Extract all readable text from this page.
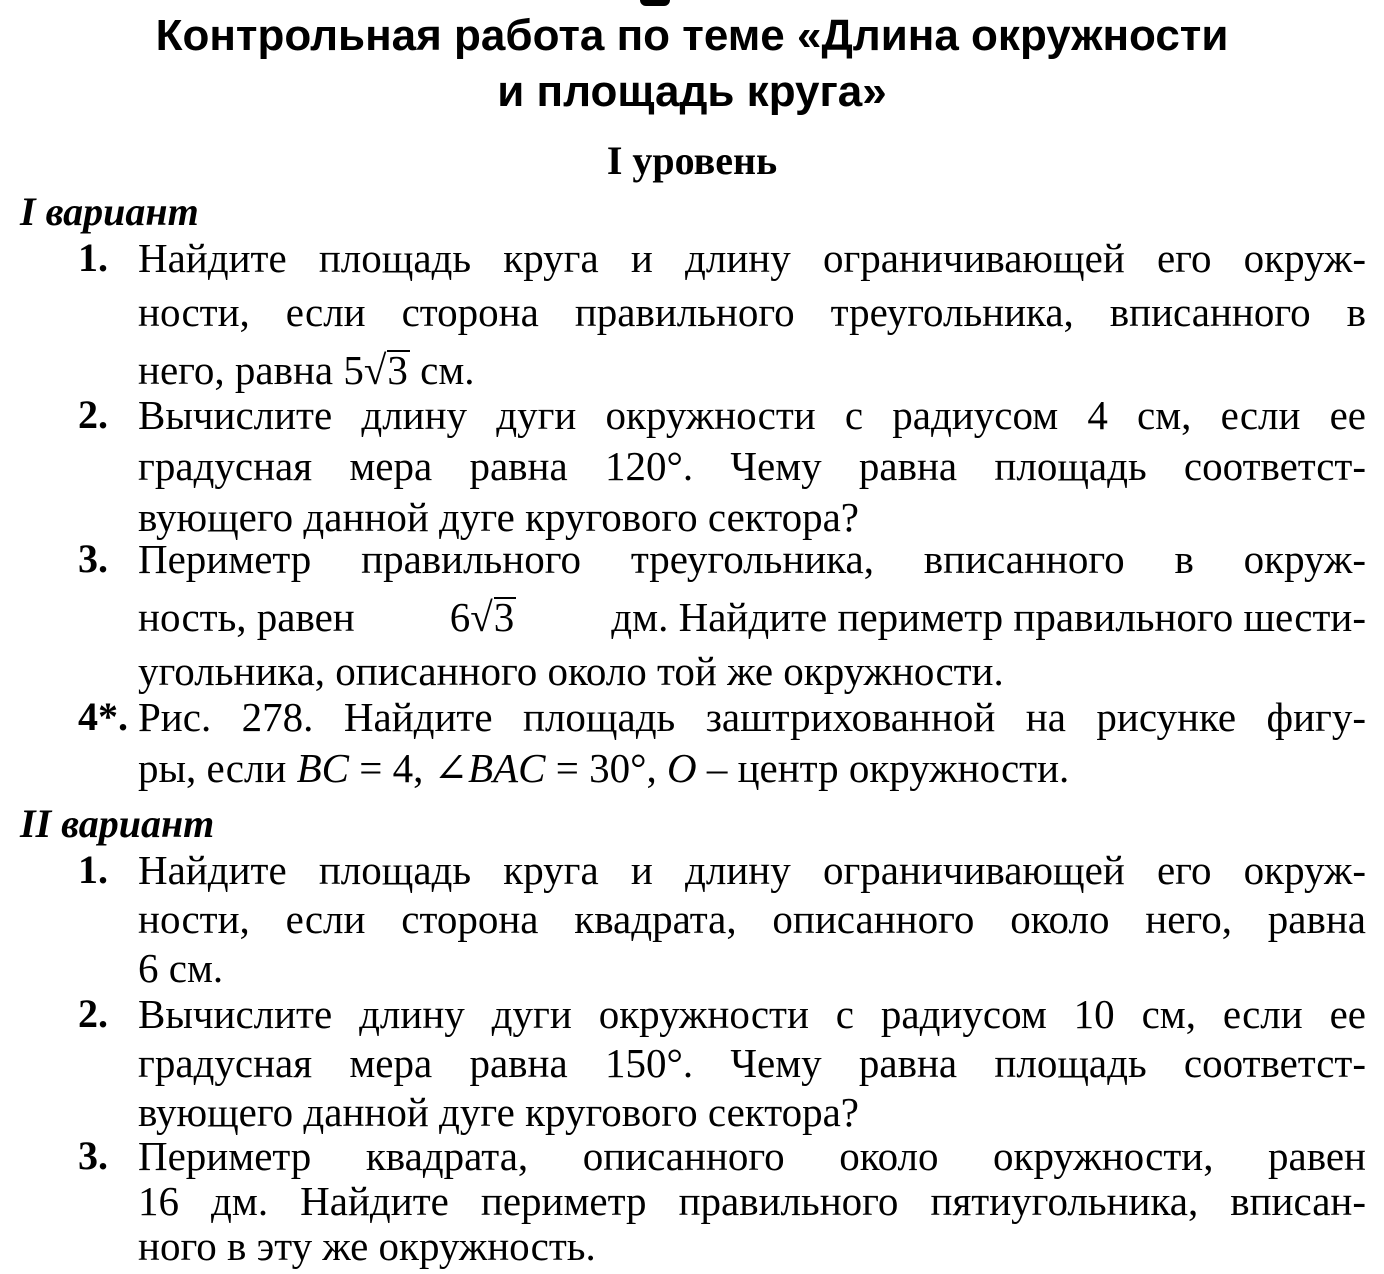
Контрольная работа по теме «Длина окружности
и площадь круга»
I уровень
I вариант
1. Найдите площадь круга и длину ограничивающей его окруж-
ности, если сторона правильного треугольника, вписанного в
него, равна 5√3 см.
2. Вычислите длину дуги окружности с радиусом 4 см, если ее
градусная мера равна 120°. Чему равна площадь соответст-
вующего данной дуге кругового сектора?
3. Периметр правильного треугольника, вписанного в окруж-
ность, равен 6√3 дм. Найдите периметр правильного шести-
угольника, описанного около той же окружности.
4*. Рис. 278. Найдите площадь заштрихованной на рисунке фигу-
ры, если BC = 4, ∠BAC = 30°, O – центр окружности.
II вариант
1. Найдите площадь круга и длину ограничивающей его окруж-
ности, если сторона квадрата, описанного около него, равна
6 см.
2. Вычислите длину дуги окружности с радиусом 10 см, если ее
градусная мера равна 150°. Чему равна площадь соответст-
вующего данной дуге кругового сектора?
3. Периметр квадрата, описанного около окружности, равен
16 дм. Найдите периметр правильного пятиугольника, вписан-
ного в эту же окружность.
